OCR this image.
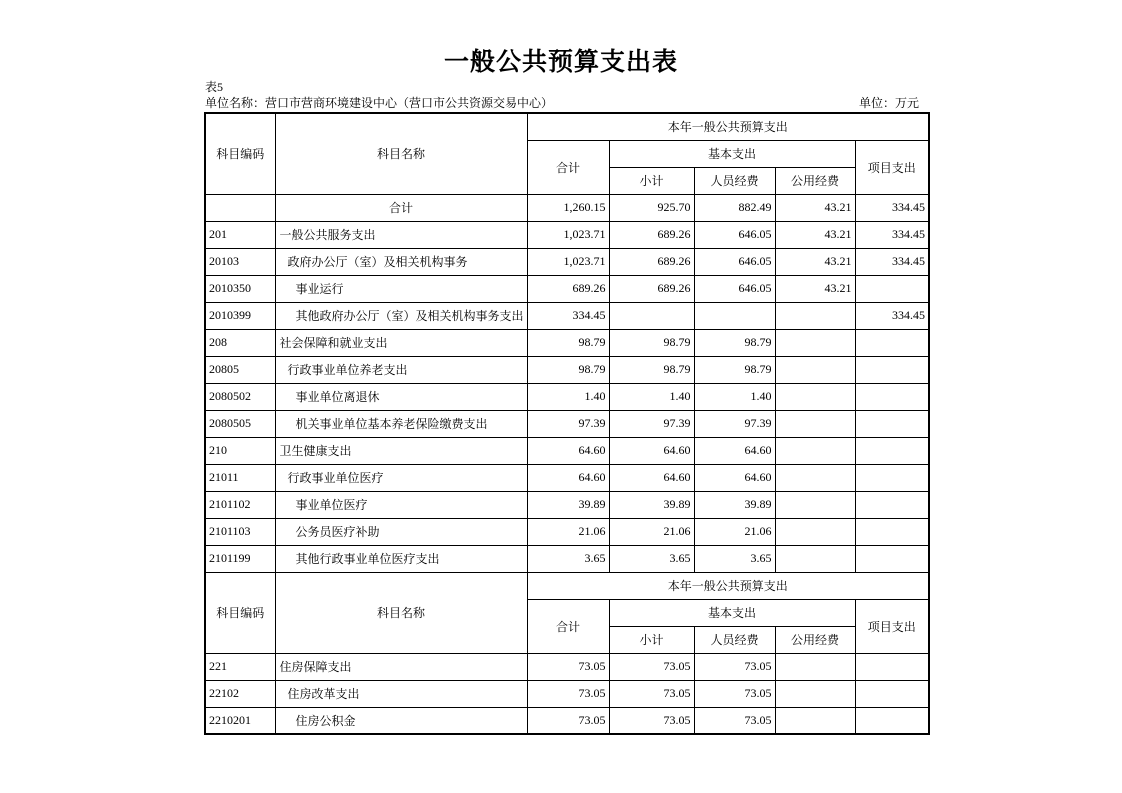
一般公共预算支出表
表5
单位名称：营口市营商环境建设中心（营口市公共资源交易中心）	单位：万元
科目编码	科目名称	本年一般公共预算支出				
		合计	基本支出			项目支出
			小计	人员经费	公用经费	
	合计	1,260.15	925.70	882.49	43.21	334.45
201	一般公共服务支出	1,023.71	689.26	646.05	43.21	334.45
20103	政府办公厅（室）及相关机构事务	1,023.71	689.26	646.05	43.21	334.45
2010350	事业运行	689.26	689.26	646.05	43.21	
2010399	其他政府办公厅（室）及相关机构事务支出	334.45				334.45
208	社会保障和就业支出	98.79	98.79	98.79		
20805	行政事业单位养老支出	98.79	98.79	98.79		
2080502	事业单位离退休	1.40	1.40	1.40		
2080505	机关事业单位基本养老保险缴费支出	97.39	97.39	97.39		
210	卫生健康支出	64.60	64.60	64.60		
21011	行政事业单位医疗	64.60	64.60	64.60		
2101102	事业单位医疗	39.89	39.89	39.89		
2101103	公务员医疗补助	21.06	21.06	21.06		
2101199	其他行政事业单位医疗支出	3.65	3.65	3.65		
科目编码	科目名称	本年一般公共预算支出				
		合计	基本支出			项目支出
			小计	人员经费	公用经费	
221	住房保障支出	73.05	73.05	73.05		
22102	住房改革支出	73.05	73.05	73.05		
2210201	住房公积金	73.05	73.05	73.05		
